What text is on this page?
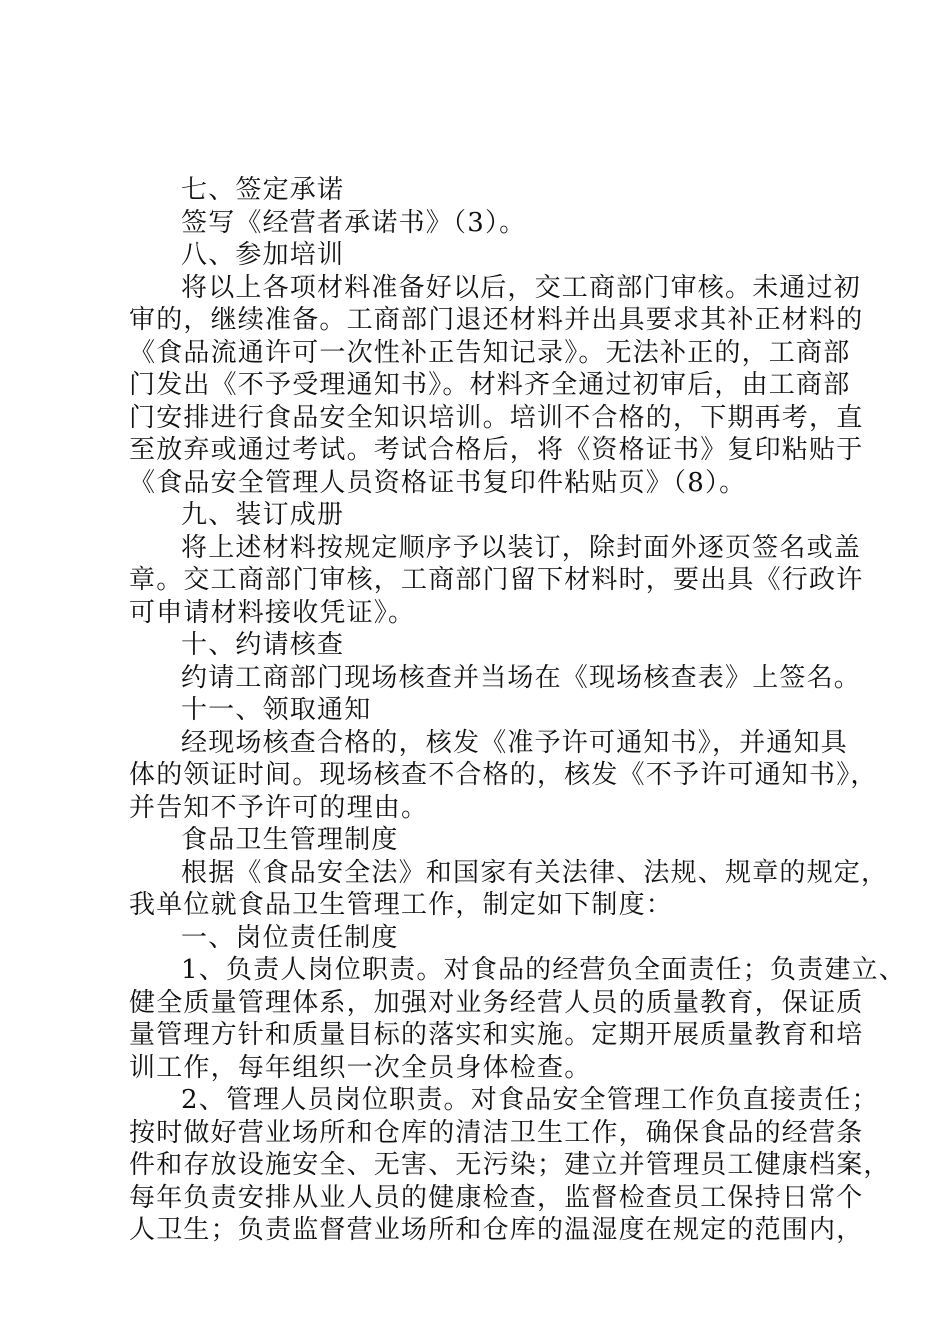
七、签定承诺
签写《经营者承诺书》（3）。
八、参加培训
将以上各项材料准备好以后，交工商部门审核。未通过初
审的，继续准备。工商部门退还材料并出具要求其补正材料的
《食品流通许可一次性补正告知记录》。无法补正的，工商部
门发出《不予受理通知书》。材料齐全通过初审后，由工商部
门安排进行食品安全知识培训。培训不合格的，下期再考，直
至放弃或通过考试。考试合格后，将《资格证书》复印粘贴于
《食品安全管理人员资格证书复印件粘贴页》（8）。
九、装订成册
将上述材料按规定顺序予以装订，除封面外逐页签名或盖
章。交工商部门审核，工商部门留下材料时，要出具《行政许
可申请材料接收凭证》。
十、约请核查
约请工商部门现场核查并当场在《现场核查表》上签名。
十一、领取通知
经现场核查合格的，核发《准予许可通知书》，并通知具
体的领证时间。现场核查不合格的，核发《不予许可通知书》，
并告知不予许可的理由。
食品卫生管理制度
根据《食品安全法》和国家有关法律、法规、规章的规定，
我单位就食品卫生管理工作，制定如下制度：
一、岗位责任制度
1、负责人岗位职责。对食品的经营负全面责任；负责建立、
健全质量管理体系，加强对业务经营人员的质量教育，保证质
量管理方针和质量目标的落实和实施。定期开展质量教育和培
训工作，每年组织一次全员身体检查。
2、管理人员岗位职责。对食品安全管理工作负直接责任；
按时做好营业场所和仓库的清洁卫生工作，确保食品的经营条
件和存放设施安全、无害、无污染；建立并管理员工健康档案，
每年负责安排从业人员的健康检查，监督检查员工保持日常个
人卫生；负责监督营业场所和仓库的温湿度在规定的范围内，
